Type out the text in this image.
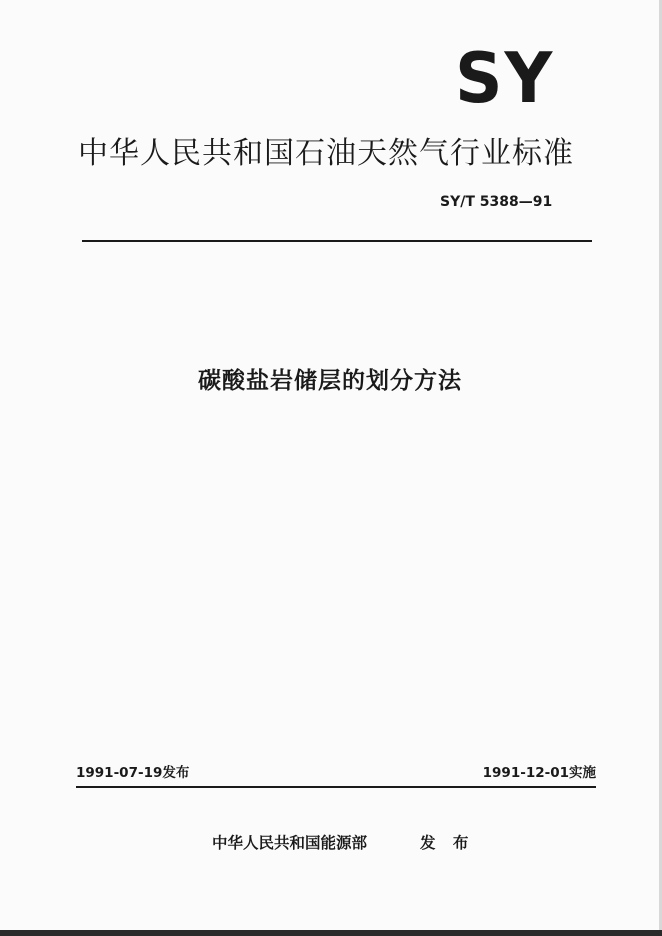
SY
中华人民共和国石油天然气行业标准
SY/T 5388—91
碳酸盐岩储层的划分方法
1991-07-19发布	1991-12-01实施
中华人民共和国能源部	发 布
